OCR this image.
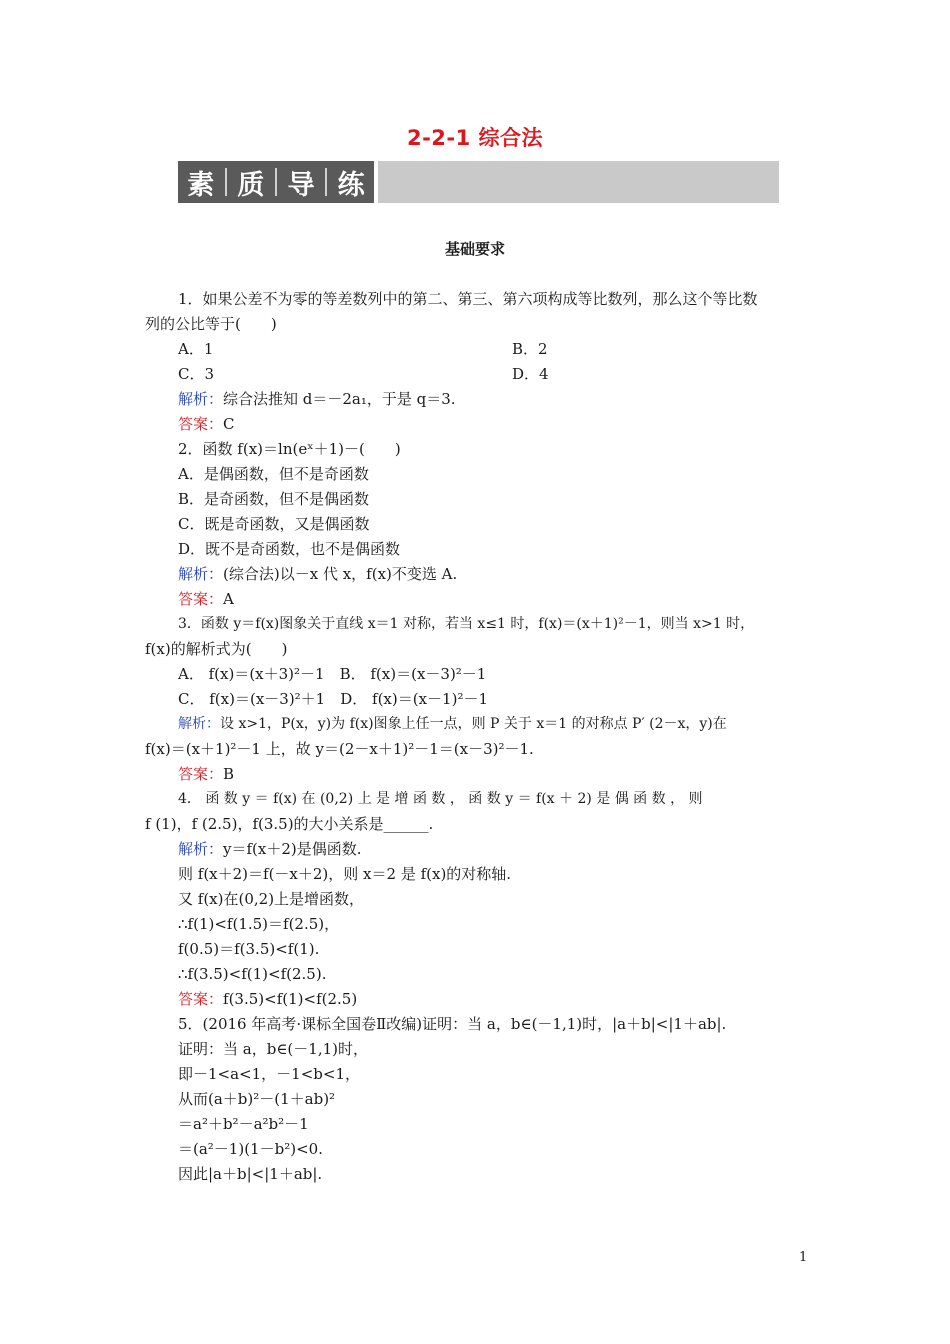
2-2-1 综合法
素 质 导 练
基础要求
1．如果公差不为零的等差数列中的第二、第三、第六项构成等比数列，那么这个等比数
列的公比等于(　　)
A．1	B．2
C．3	D．4
解析：综合法推知 d＝－2a₁，于是 q＝3.
答案：C
2．函数 f(x)＝ln(eˣ＋1)－(　　)
A．是偶函数，但不是奇函数
B．是奇函数，但不是偶函数
C．既是奇函数，又是偶函数
D．既不是奇函数，也不是偶函数
解析：(综合法)以－x 代 x，f(x)不变选 A.
答案：A
3．函数 y＝f(x)图象关于直线 x＝1 对称，若当 x≤1 时，f(x)＝(x＋1)²－1，则当 x>1 时，
f(x)的解析式为(　　)
A． f(x)＝(x＋3)²－1　B． f(x)＝(x－3)²－1
C． f(x)＝(x－3)²＋1　D． f(x)＝(x－1)²－1
解析：设 x>1，P(x，y)为 f(x)图象上任一点，则 P 关于 x＝1 的对称点 P′ (2－x，y)在
f(x)＝(x＋1)²－1 上，故 y＝(2－x＋1)²－1＝(x－3)²－1.
答案：B
4． 函 数 y ＝ f(x) 在 (0,2) 上 是 增 函 数 ， 函 数 y ＝ f(x ＋ 2) 是 偶 函 数 ， 则
f (1)，f (2.5)，f(3.5)的大小关系是______.
解析：y＝f(x＋2)是偶函数.
则 f(x＋2)＝f(－x＋2)，则 x＝2 是 f(x)的对称轴.
又 f(x)在(0,2)上是增函数，
∴f(1)<f(1.5)＝f(2.5)，
f(0.5)＝f(3.5)<f(1).
∴f(3.5)<f(1)<f(2.5).
答案：f(3.5)<f(1)<f(2.5)
5．(2016 年高考·课标全国卷Ⅱ改编)证明：当 a，b∈(－1,1)时，|a＋b|<|1＋ab|.
证明：当 a，b∈(－1,1)时，
即－1<a<1，－1<b<1，
从而(a＋b)²－(1＋ab)²
＝a²＋b²－a²b²－1
＝(a²－1)(1－b²)<0.
因此|a＋b|<|1＋ab|.
1
